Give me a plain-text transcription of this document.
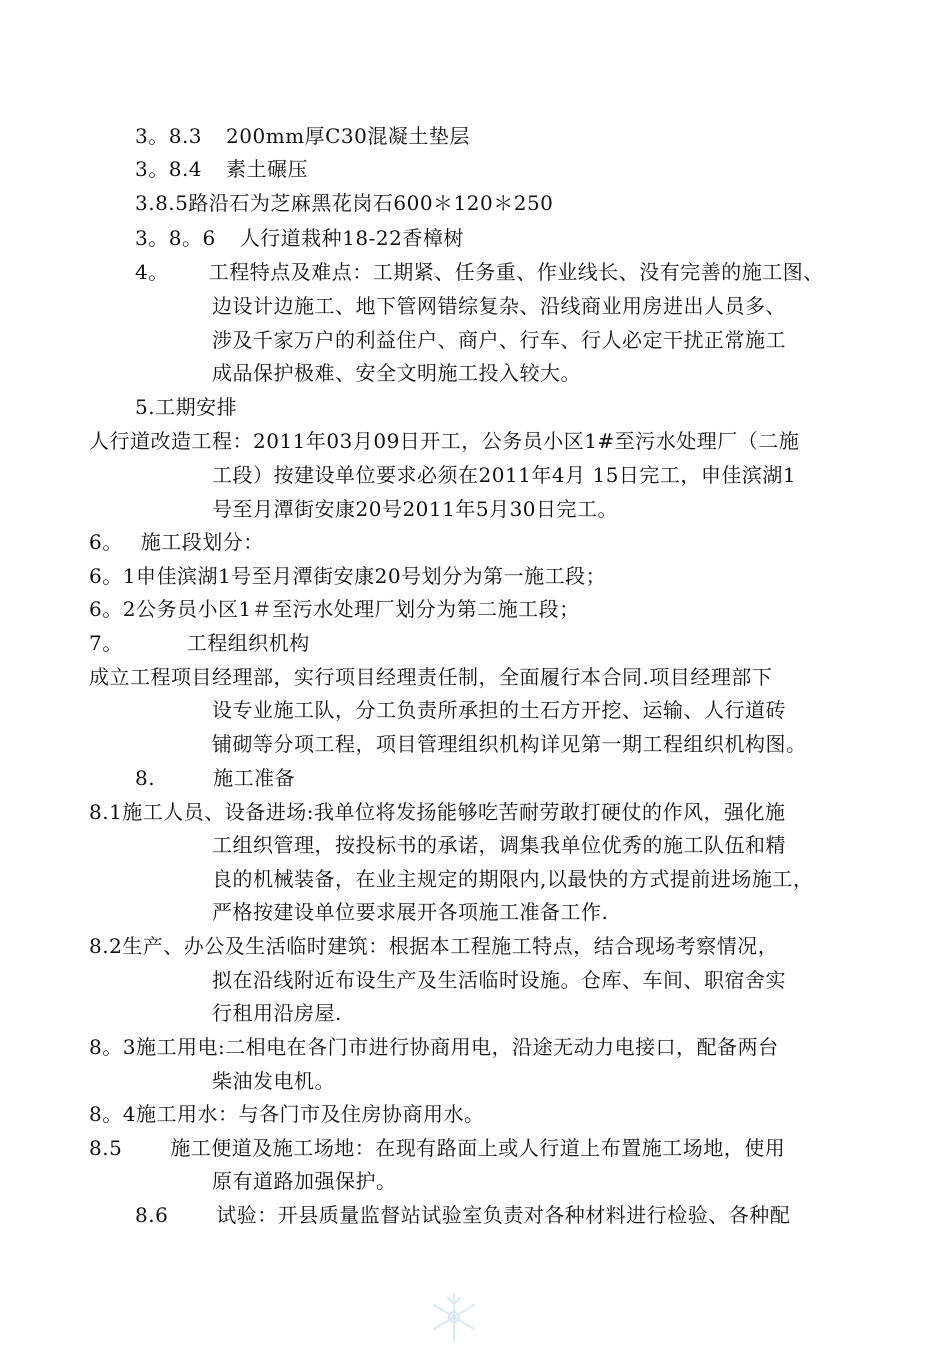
3。8.3 200mm厚C30混凝土垫层
3。8.4 素土碾压
3.8.5路沿石为芝麻黑花岗石600＊120＊250
3。8。6 人行道栽种18-22香樟树
4。 工程特点及难点：工期紧、任务重、作业线长、没有完善的施工图、
边设计边施工、地下管网错综复杂、沿线商业用房进出人员多、
涉及千家万户的利益住户、商户、行车、行人必定干扰正常施工
成品保护极难、安全文明施工投入较大。
5.工期安排
人行道改造工程：2011年03月09日开工，公务员小区1#至污水处理厂（二施
工段）按建设单位要求必须在2011年4月 15日完工，申佳滨湖1
号至月潭街安康20号2011年5月30日完工。
6。 施工段划分：
6。1申佳滨湖1号至月潭街安康20号划分为第一施工段；
6。2公务员小区1＃至污水处理厂划分为第二施工段；
7。	工程组织机构
成立工程项目经理部，实行项目经理责任制，全面履行本合同.项目经理部下
设专业施工队，分工负责所承担的土石方开挖、运输、人行道砖
铺砌等分项工程，项目管理组织机构详见第一期工程组织机构图。
8.	施工准备
8.1施工人员、设备进场:我单位将发扬能够吃苦耐劳敢打硬仗的作风，强化施
工组织管理，按投标书的承诺，调集我单位优秀的施工队伍和精
良的机械装备，在业主规定的期限内,以最快的方式提前进场施工，
严格按建设单位要求展开各项施工准备工作.
8.2生产、办公及生活临时建筑：根据本工程施工特点，结合现场考察情况，
拟在沿线附近布设生产及生活临时设施。仓库、车间、职宿舍实
行租用沿房屋.
8。3施工用电:二相电在各门市进行协商用电，沿途无动力电接口，配备两台
柴油发电机。
8。4施工用水：与各门市及住房协商用水。
8.5 施工便道及施工场地：在现有路面上或人行道上布置施工场地，使用
原有道路加强保护。
8.6 试验：开县质量监督站试验室负责对各种材料进行检验、各种配
